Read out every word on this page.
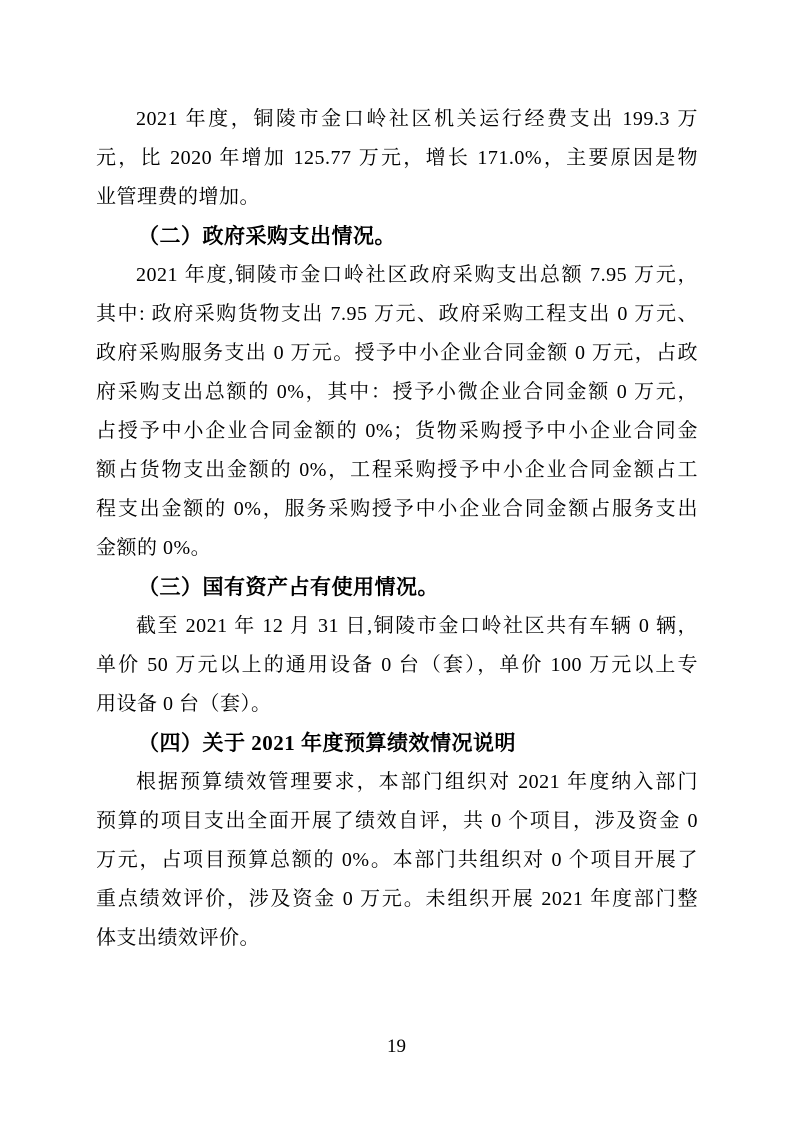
2021 年度，铜陵市金口岭社区机关运行经费支出 199.3 万
元，比 2020 年增加 125.77 万元，增长 171.0%，主要原因是物
业管理费的增加。
（二）政府采购支出情况。
2021 年度,铜陵市金口岭社区政府采购支出总额 7.95 万元，
其中: 政府采购货物支出 7.95 万元、政府采购工程支出 0 万元、
政府采购服务支出 0 万元。授予中小企业合同金额 0 万元，占政
府采购支出总额的 0%，其中：授予小微企业合同金额 0 万元，
占授予中小企业合同金额的 0%；货物采购授予中小企业合同金
额占货物支出金额的 0%，工程采购授予中小企业合同金额占工
程支出金额的 0%，服务采购授予中小企业合同金额占服务支出
金额的 0%。
（三）国有资产占有使用情况。
截至 2021 年 12 月 31 日,铜陵市金口岭社区共有车辆 0 辆，
单价 50 万元以上的通用设备 0 台（套），单价 100 万元以上专
用设备 0 台（套）。
（四）关于 2021 年度预算绩效情况说明
根据预算绩效管理要求，本部门组织对 2021 年度纳入部门
预算的项目支出全面开展了绩效自评，共 0 个项目，涉及资金 0
万元，占项目预算总额的 0%。本部门共组织对 0 个项目开展了
重点绩效评价，涉及资金 0 万元。未组织开展 2021 年度部门整
体支出绩效评价。
19
